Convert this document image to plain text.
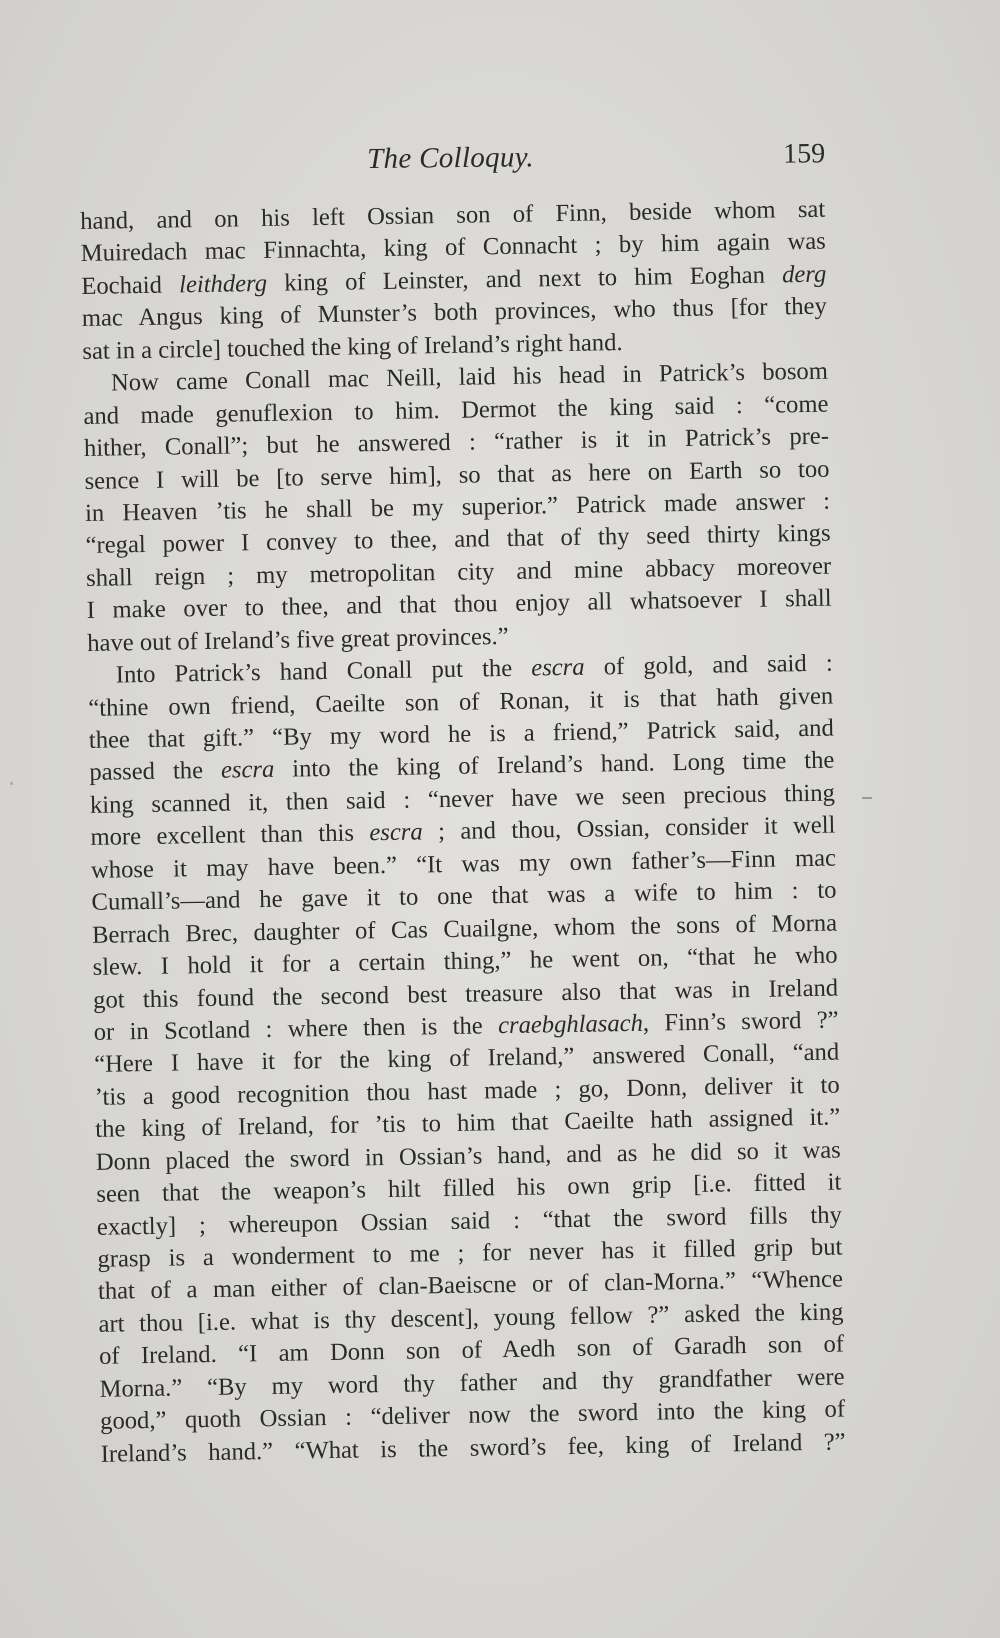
The Colloquy.	159
hand, and on his left Ossian son of Finn, beside whom sat
Muiredach mac Finnachta, king of Connacht ; by him again was
Eochaid leithderg king of Leinster, and next to him Eoghan derg
mac Angus king of Munster’s both provinces, who thus [for they
sat in a circle] touched the king of Ireland’s right hand.
Now came Conall mac Neill, laid his head in Patrick’s bosom
and made genuflexion to him. Dermot the king said : “come
hither, Conall”; but he answered : “rather is it in Patrick’s pre-
sence I will be [to serve him], so that as here on Earth so too
in Heaven ’tis he shall be my superior.” Patrick made answer :
“regal power I convey to thee, and that of thy seed thirty kings
shall reign ; my metropolitan city and mine abbacy moreover
I make over to thee, and that thou enjoy all whatsoever I shall
have out of Ireland’s five great provinces.”
Into Patrick’s hand Conall put the escra of gold, and said :
“thine own friend, Caeilte son of Ronan, it is that hath given
thee that gift.” “By my word he is a friend,” Patrick said, and
passed the escra into the king of Ireland’s hand. Long time the
king scanned it, then said : “never have we seen precious thing
more excellent than this escra ; and thou, Ossian, consider it well
whose it may have been.” “It was my own father’s—Finn mac
Cumall’s—and he gave it to one that was a wife to him : to
Berrach Brec, daughter of Cas Cuailgne, whom the sons of Morna
slew. I hold it for a certain thing,” he went on, “that he who
got this found the second best treasure also that was in Ireland
or in Scotland : where then is the craebghlasach, Finn’s sword ?”
“Here I have it for the king of Ireland,” answered Conall, “and
’tis a good recognition thou hast made ; go, Donn, deliver it to
the king of Ireland, for ’tis to him that Caeilte hath assigned it.”
Donn placed the sword in Ossian’s hand, and as he did so it was
seen that the weapon’s hilt filled his own grip [i.e. fitted it
exactly] ; whereupon Ossian said : “that the sword fills thy
grasp is a wonderment to me ; for never has it filled grip but
that of a man either of clan-Baeiscne or of clan-Morna.” “Whence
art thou [i.e. what is thy descent], young fellow ?” asked the king
of Ireland. “I am Donn son of Aedh son of Garadh son of
Morna.” “By my word thy father and thy grandfather were
good,” quoth Ossian : “deliver now the sword into the king of
Ireland’s hand.” “What is the sword’s fee, king of Ireland ?”
